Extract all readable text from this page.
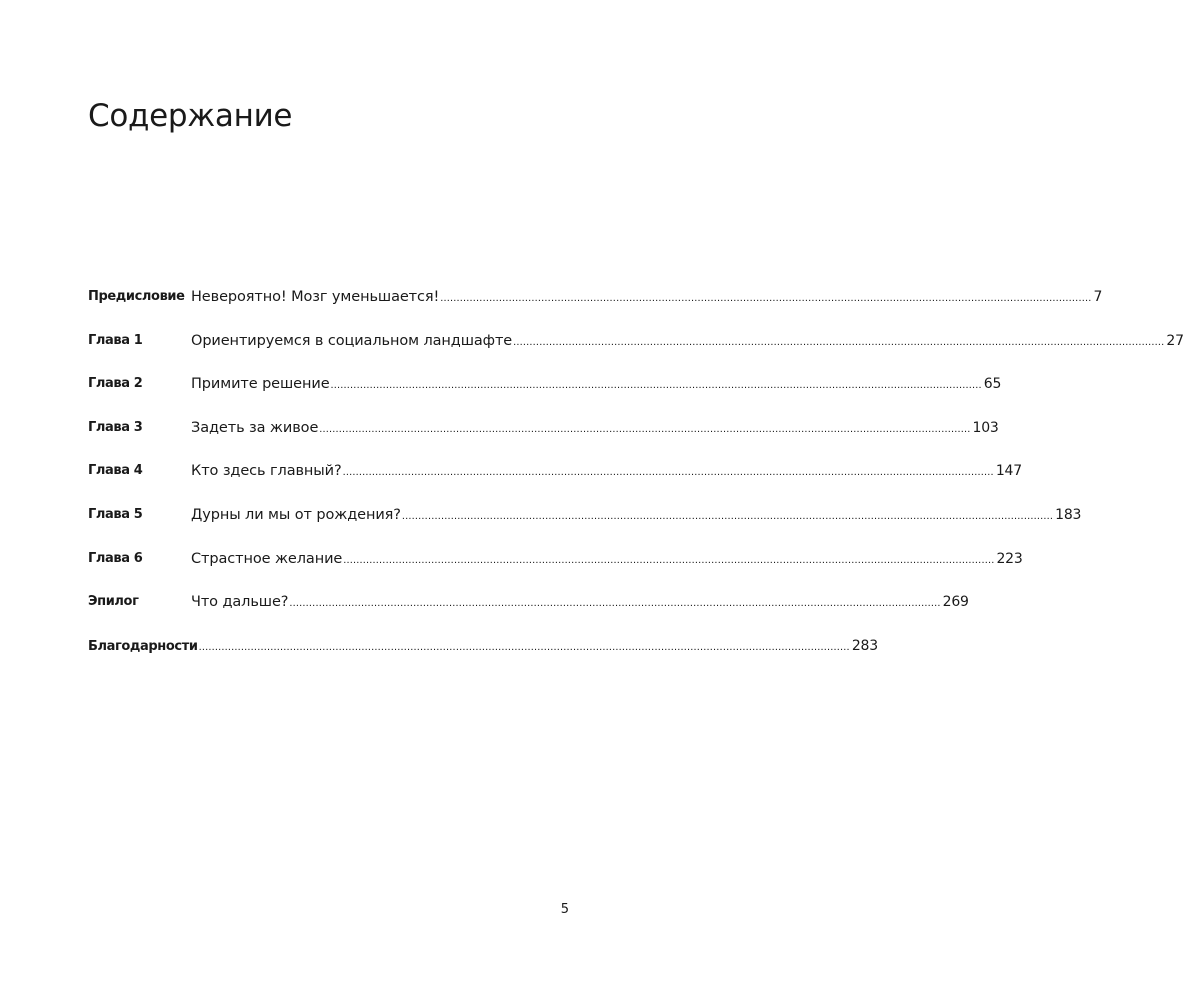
Содержание
Предисловие Невероятно! Мозг уменьшается! ........................................................................................................................................................................................................ 7
Глава 1	Ориентируемся в социальном ландшафте ........................................................................................................................................................................................................ 27
Глава 2	Примите решение ........................................................................................................................................................................................................ 65
Глава 3	Задеть за живое ........................................................................................................................................................................................................ 103
Глава 4	Кто здесь главный? ........................................................................................................................................................................................................ 147
Глава 5	Дурны ли мы от рождения? ........................................................................................................................................................................................................ 183
Глава 6	Страстное желание ........................................................................................................................................................................................................ 223
Эпилог	Что дальше? ........................................................................................................................................................................................................ 269
Благодарности ........................................................................................................................................................................................................ 283
5
